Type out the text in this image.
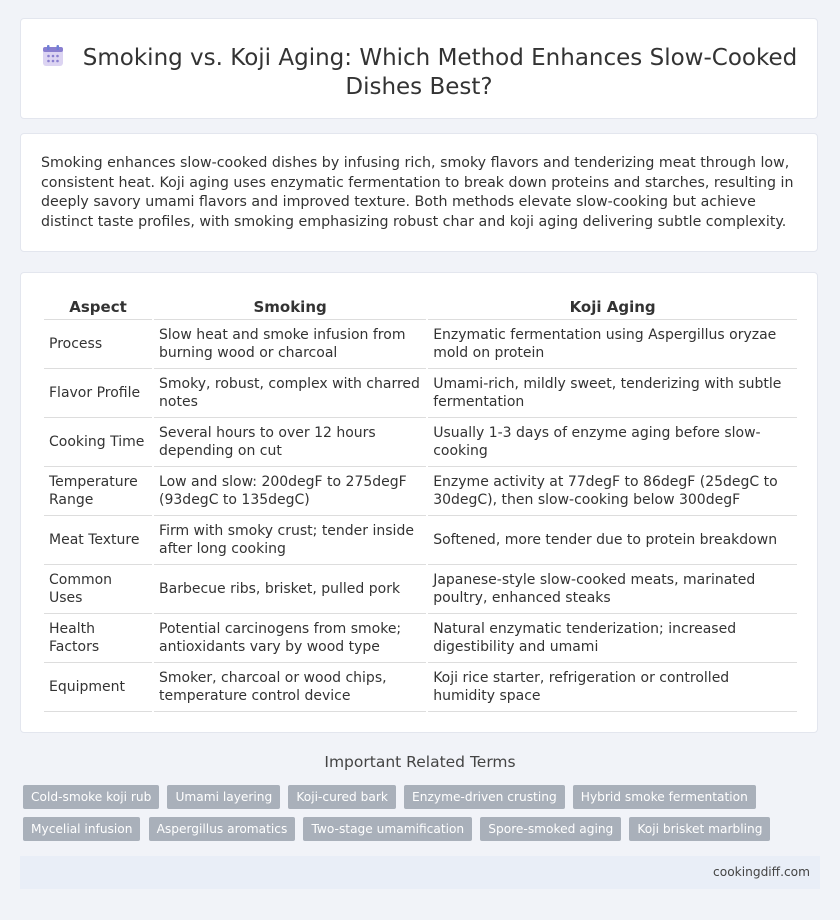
Smoking vs. Koji Aging: Which Method Enhances Slow-Cooked Dishes Best?
Smoking enhances slow-cooked dishes by infusing rich, smoky flavors and tenderizing meat through low, consistent heat. Koji aging uses enzymatic fermentation to break down proteins and starches, resulting in deeply savory umami flavors and improved texture. Both methods elevate slow-cooking but achieve distinct taste profiles, with smoking emphasizing robust char and koji aging delivering subtle complexity.
Aspect	Smoking	Koji Aging
Process	Slow heat and smoke infusion from burning wood or charcoal	Enzymatic fermentation using Aspergillus oryzae mold on protein
Flavor Profile	Smoky, robust, complex with charred notes	Umami-rich, mildly sweet, tenderizing with subtle fermentation
Cooking Time	Several hours to over 12 hours depending on cut	Usually 1-3 days of enzyme aging before slow-cooking
Temperature Range	Low and slow: 200degF to 275degF (93degC to 135degC)	Enzyme activity at 77degF to 86degF (25degC to 30degC), then slow-cooking below 300degF
Meat Texture	Firm with smoky crust; tender inside after long cooking	Softened, more tender due to protein breakdown
Common Uses	Barbecue ribs, brisket, pulled pork	Japanese-style slow-cooked meats, marinated poultry, enhanced steaks
Health Factors	Potential carcinogens from smoke; antioxidants vary by wood type	Natural enzymatic tenderization; increased digestibility and umami
Equipment	Smoker, charcoal or wood chips, temperature control device	Koji rice starter, refrigeration or controlled humidity space
Important Related Terms
Cold-smoke koji rub Umami layering Koji-cured bark Enzyme-driven crusting Hybrid smoke fermentation Mycelial infusion Aspergillus aromatics Two-stage umamification Spore-smoked aging Koji brisket marbling
cookingdiff.com
